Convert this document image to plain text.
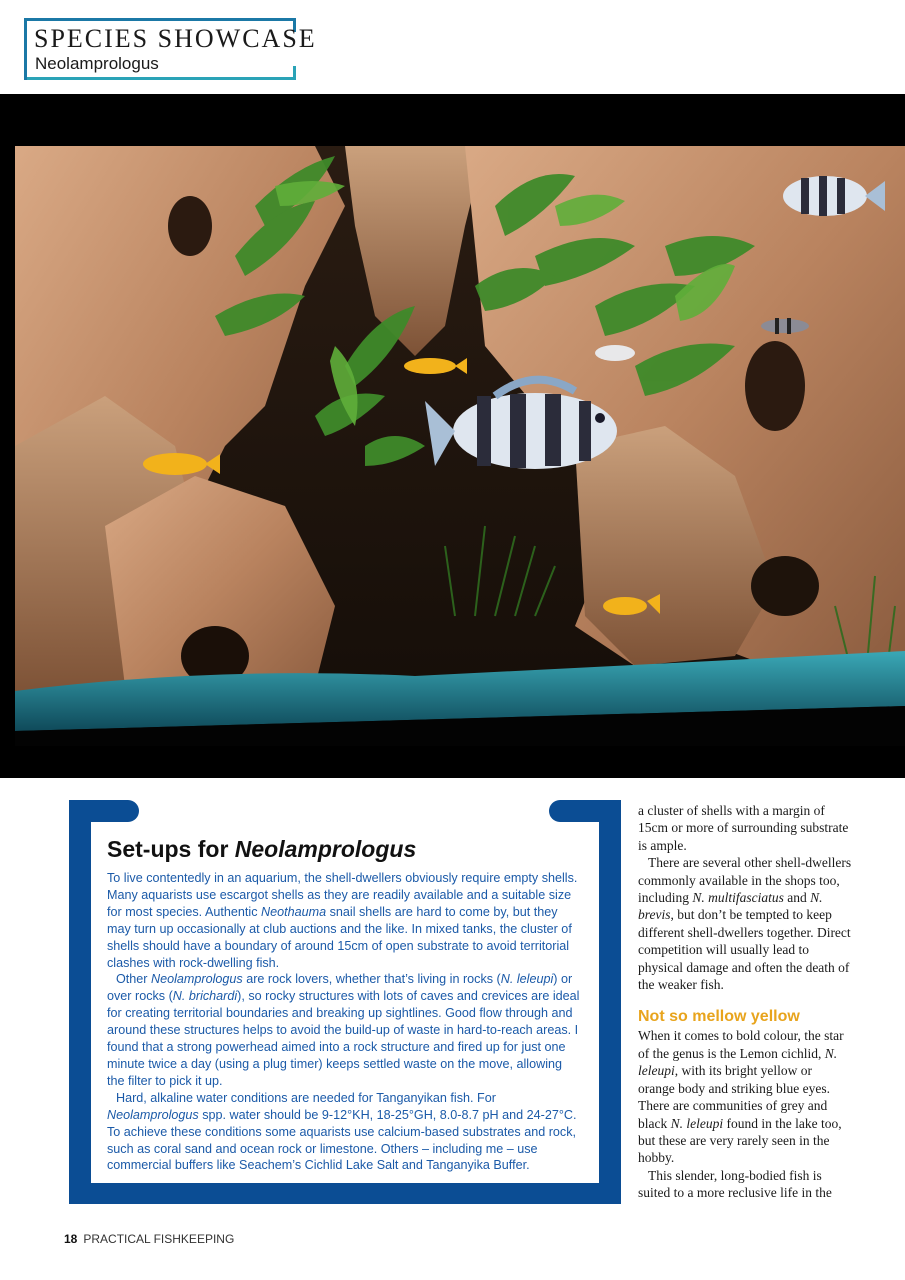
SPECIES SHOWCASE
Neolamprologus
Set-ups for Neolamprologus

To live contentedly in an aquarium, the shell-dwellers obviously require empty shells. Many aquarists use escargot shells as they are readily available and a suitable size for most species. Authentic Neothauma snail shells are hard to come by, but they may turn up occasionally at club auctions and the like. In mixed tanks, the cluster of shells should have a boundary of around 15cm of open substrate to avoid territorial clashes with rock-dwelling fish.

Other Neolamprologus are rock lovers, whether that’s living in rocks (N. leleupi) or over rocks (N. brichardi), so rocky structures with lots of caves and crevices are ideal for creating territorial boundaries and breaking up sightlines. Good flow through and around these structures helps to avoid the build-up of waste in hard-to-reach areas. I found that a strong powerhead aimed into a rock structure and fired up for just one minute twice a day (using a plug timer) keeps settled waste on the move, allowing the filter to pick it up.

Hard, alkaline water conditions are needed for Tanganyikan fish. For Neolamprologus spp. water should be 9-12°KH, 18-25°GH, 8.0-8.7 pH and 24-27°C. To achieve these conditions some aquarists use calcium-based substrates and rock, such as coral sand and ocean rock or limestone. Others – including me – use commercial buffers like Seachem’s Cichlid Lake Salt and Tanganyika Buffer.

a cluster of shells with a margin of 15cm or more of surrounding substrate is ample.

There are several other shell-dwellers commonly available in the shops too, including N. multifasciatus and N. brevis, but don’t be tempted to keep different shell-dwellers together. Direct competition will usually lead to physical damage and often the death of the weaker fish.

Not so mellow yellow

When it comes to bold colour, the star of the genus is the Lemon cichlid, N. leleupi, with its bright yellow or orange body and striking blue eyes. There are communities of grey and black N. leleupi found in the lake too, but these are very rarely seen in the hobby.

This slender, long-bodied fish is suited to a more reclusive life in the

18 PRACTICAL FISHKEEPING
